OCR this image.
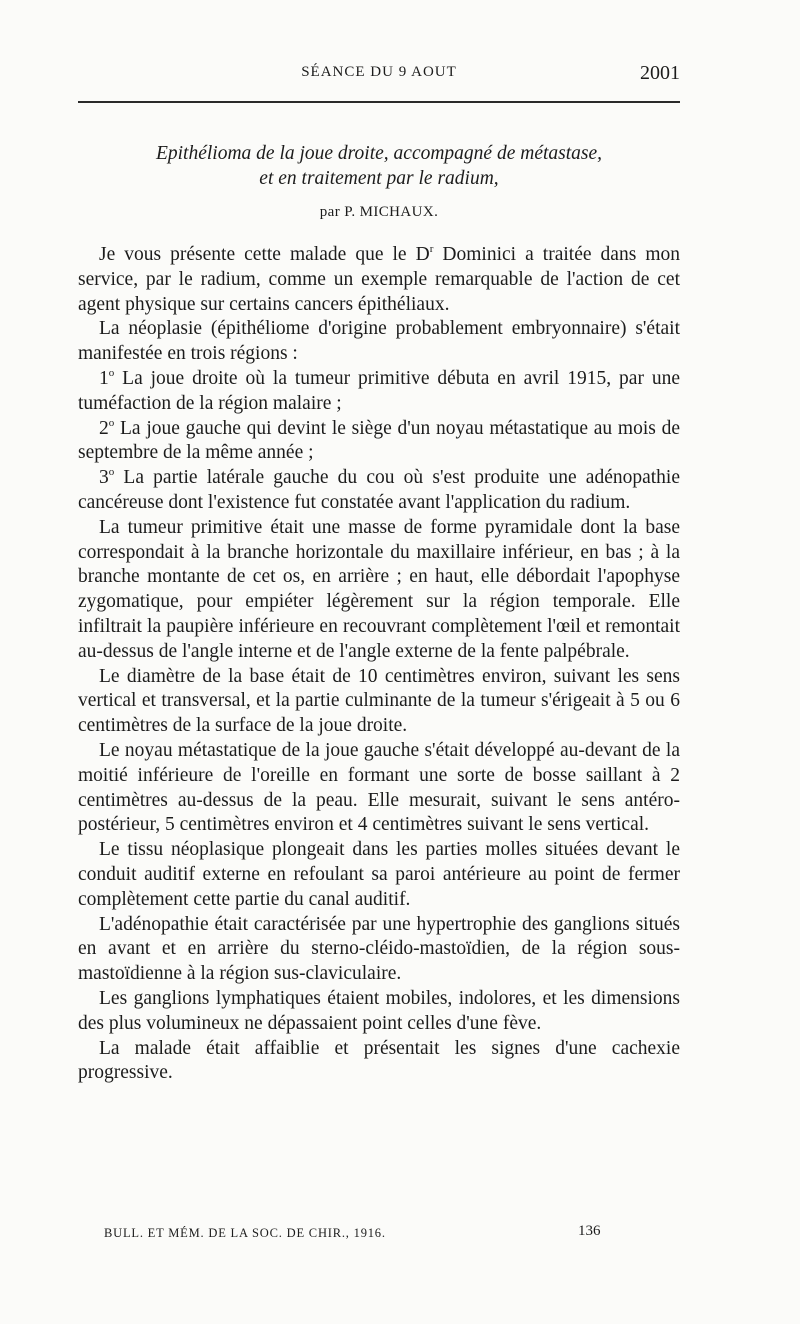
SÉANCE DU 9 AOUT	2001
Epithélioma de la joue droite, accompagné de métastase,
et en traitement par le radium,
par P. MICHAUX.

Je vous présente cette malade que le $D^r$ Dominici a traitée dans mon service, par le radium, comme un exemple remarquable de l'action de cet agent physique sur certains cancers épithéliaux.

La néoplasie (épithéliome d'origine probablement embryonnaire) s'était manifestée en trois régions :

1$^o$ La joue droite où la tumeur primitive débuta en avril 1915, par une tuméfaction de la région malaire ;

2$^o$ La joue gauche qui devint le siège d'un noyau métastatique au mois de septembre de la même année ;

3$^o$ La partie latérale gauche du cou où s'est produite une adénopathie cancéreuse dont l'existence fut constatée avant l'application du radium.

La tumeur primitive était une masse de forme pyramidale dont la base correspondait à la branche horizontale du maxillaire inférieur, en bas ; à la branche montante de cet os, en arrière ; en haut, elle débordait l'apophyse zygomatique, pour empiéter légèrement sur la région temporale. Elle infiltrait la paupière inférieure en recouvrant complètement l'œil et remontait au-dessus de l'angle interne et de l'angle externe de la fente palpébrale.

Le diamètre de la base était de 10 centimètres environ, suivant les sens vertical et transversal, et la partie culminante de la tumeur s'érigeait à 5 ou 6 centimètres de la surface de la joue droite.

Le noyau métastatique de la joue gauche s'était développé au-devant de la moitié inférieure de l'oreille en formant une sorte de bosse saillant à 2 centimètres au-dessus de la peau. Elle mesurait, suivant le sens antéro-postérieur, 5 centimètres environ et 4 centimètres suivant le sens vertical.

Le tissu néoplasique plongeait dans les parties molles situées devant le conduit auditif externe en refoulant sa paroi antérieure au point de fermer complètement cette partie du canal auditif.

L'adénopathie était caractérisée par une hypertrophie des ganglions situés en avant et en arrière du sterno-cléido-mastoïdien, de la région sous-mastoïdienne à la région sus-claviculaire.

Les ganglions lymphatiques étaient mobiles, indolores, et les dimensions des plus volumineux ne dépassaient point celles d'une fève.

La malade était affaiblie et présentait les signes d'une cachexie progressive.

BULL. ET MÉM. DE LA SOC. DE CHIR., 1916.	136
